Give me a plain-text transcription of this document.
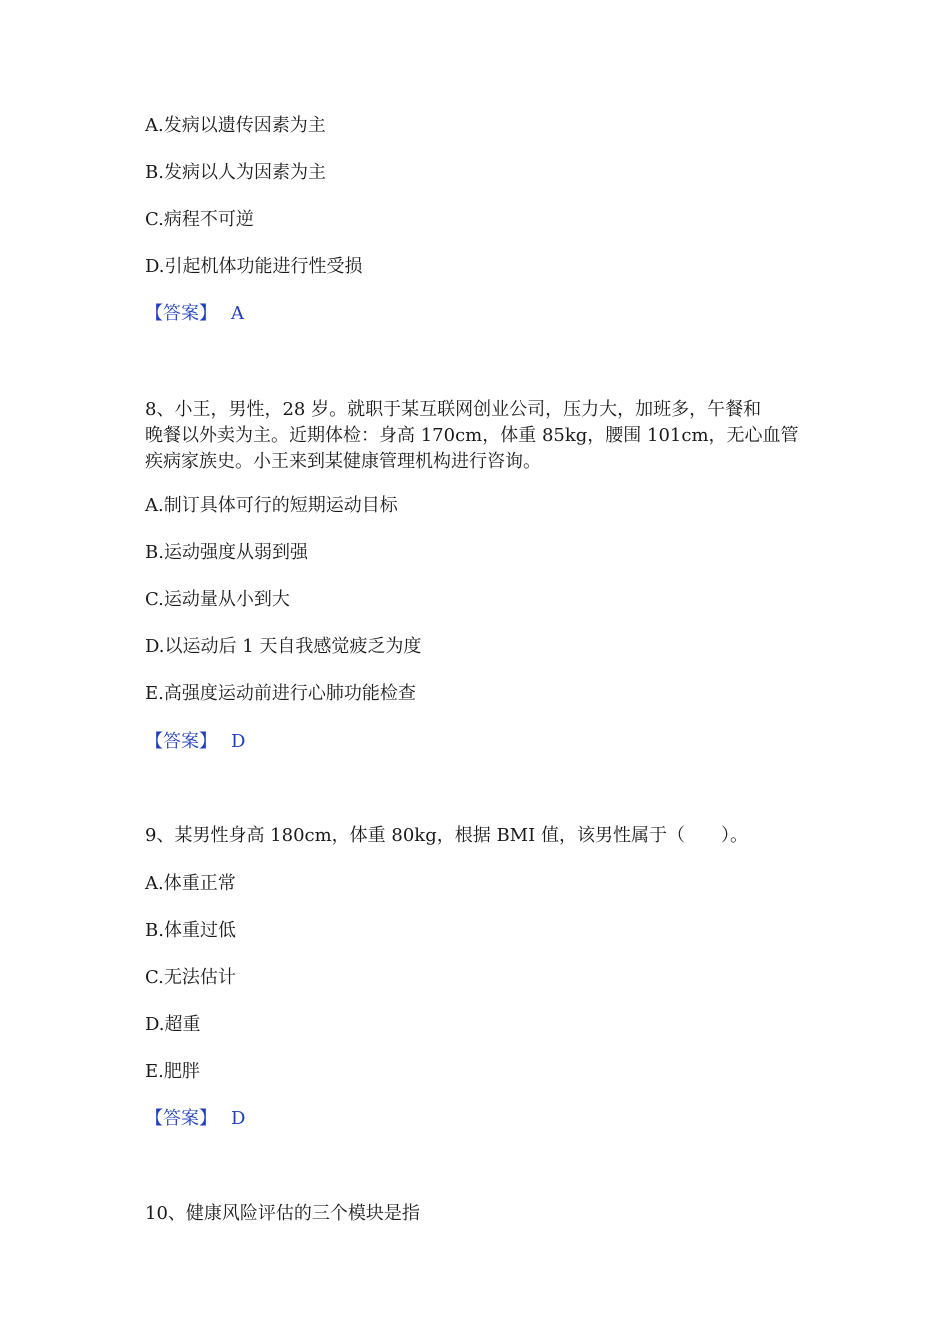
A.发病以遗传因素为主
B.发病以人为因素为主
C.病程不可逆
D.引起机体功能进行性受损
【答案】 A
8、小王，男性，28 岁。就职于某互联网创业公司，压力大，加班多，午餐和
晚餐以外卖为主。近期体检：身高 170cm，体重 85kg，腰围 101cm，无心血管
疾病家族史。小王来到某健康管理机构进行咨询。
A.制订具体可行的短期运动目标
B.运动强度从弱到强
C.运动量从小到大
D.以运动后 1 天自我感觉疲乏为度
E.高强度运动前进行心肺功能检查
【答案】 D
9、某男性身高 180cm，体重 80kg，根据 BMI 值，该男性属于（　　）。
A.体重正常
B.体重过低
C.无法估计
D.超重
E.肥胖
【答案】 D
10、健康风险评估的三个模块是指
